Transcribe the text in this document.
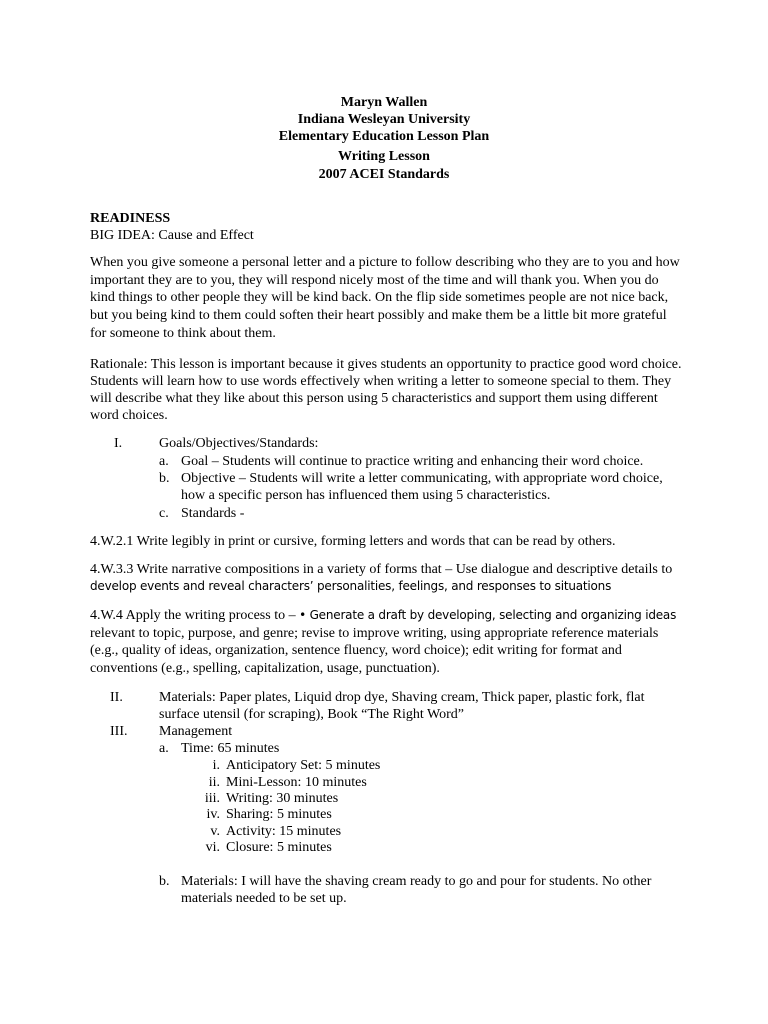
Maryn Wallen
Indiana Wesleyan University
Elementary Education Lesson Plan
Writing Lesson
2007 ACEI Standards
READINESS
BIG IDEA: Cause and Effect
When you give someone a personal letter and a picture to follow describing who they are to you and how
important they are to you, they will respond nicely most of the time and will thank you. When you do
kind things to other people they will be kind back. On the flip side sometimes people are not nice back,
but you being kind to them could soften their heart possibly and make them be a little bit more grateful
for someone to think about them.
Rationale: This lesson is important because it gives students an opportunity to practice good word choice.
Students will learn how to use words effectively when writing a letter to someone special to them. They
will describe what they like about this person using 5 characteristics and support them using different
word choices.
I.	Goals/Objectives/Standards:
a. Goal – Students will continue to practice writing and enhancing their word choice.
b. Objective – Students will write a letter communicating, with appropriate word choice,
how a specific person has influenced them using 5 characteristics.
c. Standards -
4.W.2.1 Write legibly in print or cursive, forming letters and words that can be read by others.
4.W.3.3 Write narrative compositions in a variety of forms that – Use dialogue and descriptive details to
develop events and reveal characters’ personalities, feelings, and responses to situations
4.W.4 Apply the writing process to – • Generate a draft by developing, selecting and organizing ideas
relevant to topic, purpose, and genre; revise to improve writing, using appropriate reference materials
(e.g., quality of ideas, organization, sentence fluency, word choice); edit writing for format and
conventions (e.g., spelling, capitalization, usage, punctuation).
II.	Materials: Paper plates, Liquid drop dye, Shaving cream, Thick paper, plastic fork, flat
surface utensil (for scraping), Book “The Right Word”
III. Management
a. Time: 65 minutes
i. Anticipatory Set: 5 minutes
ii. Mini-Lesson: 10 minutes
iii. Writing: 30 minutes
iv. Sharing: 5 minutes
v. Activity: 15 minutes
vi. Closure: 5 minutes
b. Materials: I will have the shaving cream ready to go and pour for students. No other
materials needed to be set up.
